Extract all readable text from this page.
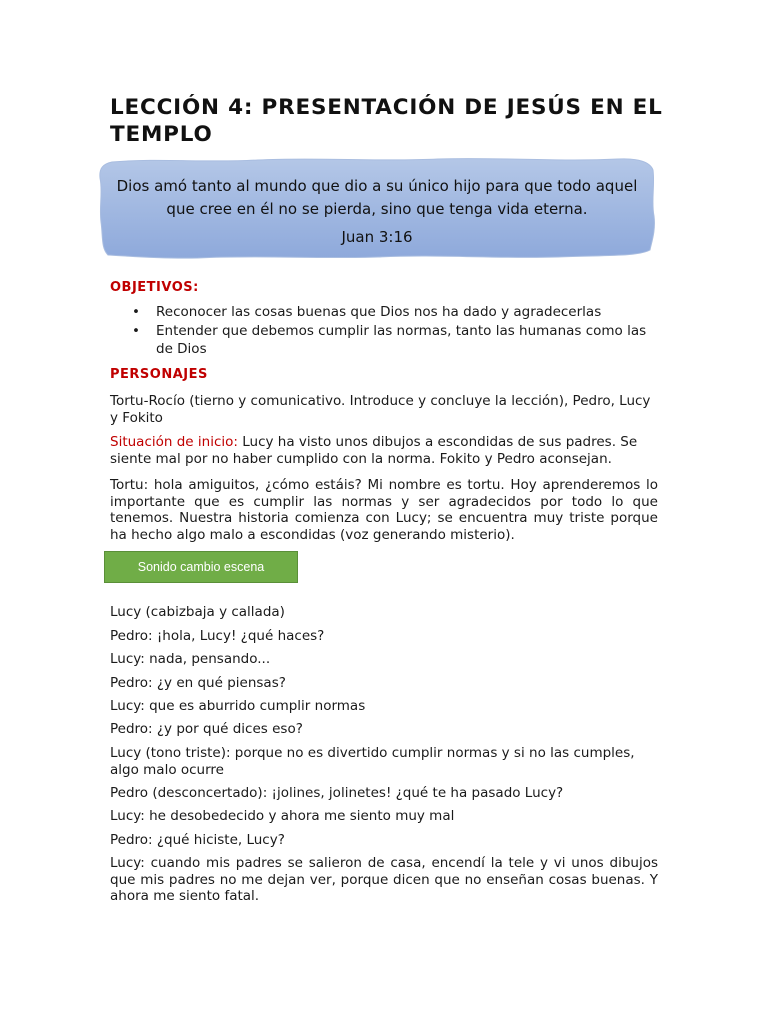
LECCIÓN 4: PRESENTACIÓN DE JESÚS EN EL TEMPLO
Dios amó tanto al mundo que dio a su único hijo para que todo aquel
que cree en él no se pierda, sino que tenga vida eterna.
Juan 3:16
OBJETIVOS:
• Reconocer las cosas buenas que Dios nos ha dado y agradecerlas
• Entender que debemos cumplir las normas, tanto las humanas como las de Dios
PERSONAJES
Tortu-Rocío (tierno y comunicativo. Introduce y concluye la lección), Pedro, Lucy y Fokito
Situación de inicio: Lucy ha visto unos dibujos a escondidas de sus padres. Se siente mal por no haber cumplido con la norma. Fokito y Pedro aconsejan.
Tortu: hola amiguitos, ¿cómo estáis? Mi nombre es tortu. Hoy aprenderemos lo importante que es cumplir las normas y ser agradecidos por todo lo que tenemos. Nuestra historia comienza con Lucy; se encuentra muy triste porque ha hecho algo malo a escondidas (voz generando misterio).
Sonido cambio escena
Lucy (cabizbaja y callada)
Pedro: ¡hola, Lucy! ¿qué haces?
Lucy: nada, pensando...
Pedro: ¿y en qué piensas?
Lucy: que es aburrido cumplir normas
Pedro: ¿y por qué dices eso?
Lucy (tono triste): porque no es divertido cumplir normas y si no las cumples, algo malo ocurre
Pedro (desconcertado): ¡jolines, jolinetes! ¿qué te ha pasado Lucy?
Lucy: he desobedecido y ahora me siento muy mal
Pedro: ¿qué hiciste, Lucy?
Lucy: cuando mis padres se salieron de casa, encendí la tele y vi unos dibujos que mis padres no me dejan ver, porque dicen que no enseñan cosas buenas. Y ahora me siento fatal.
